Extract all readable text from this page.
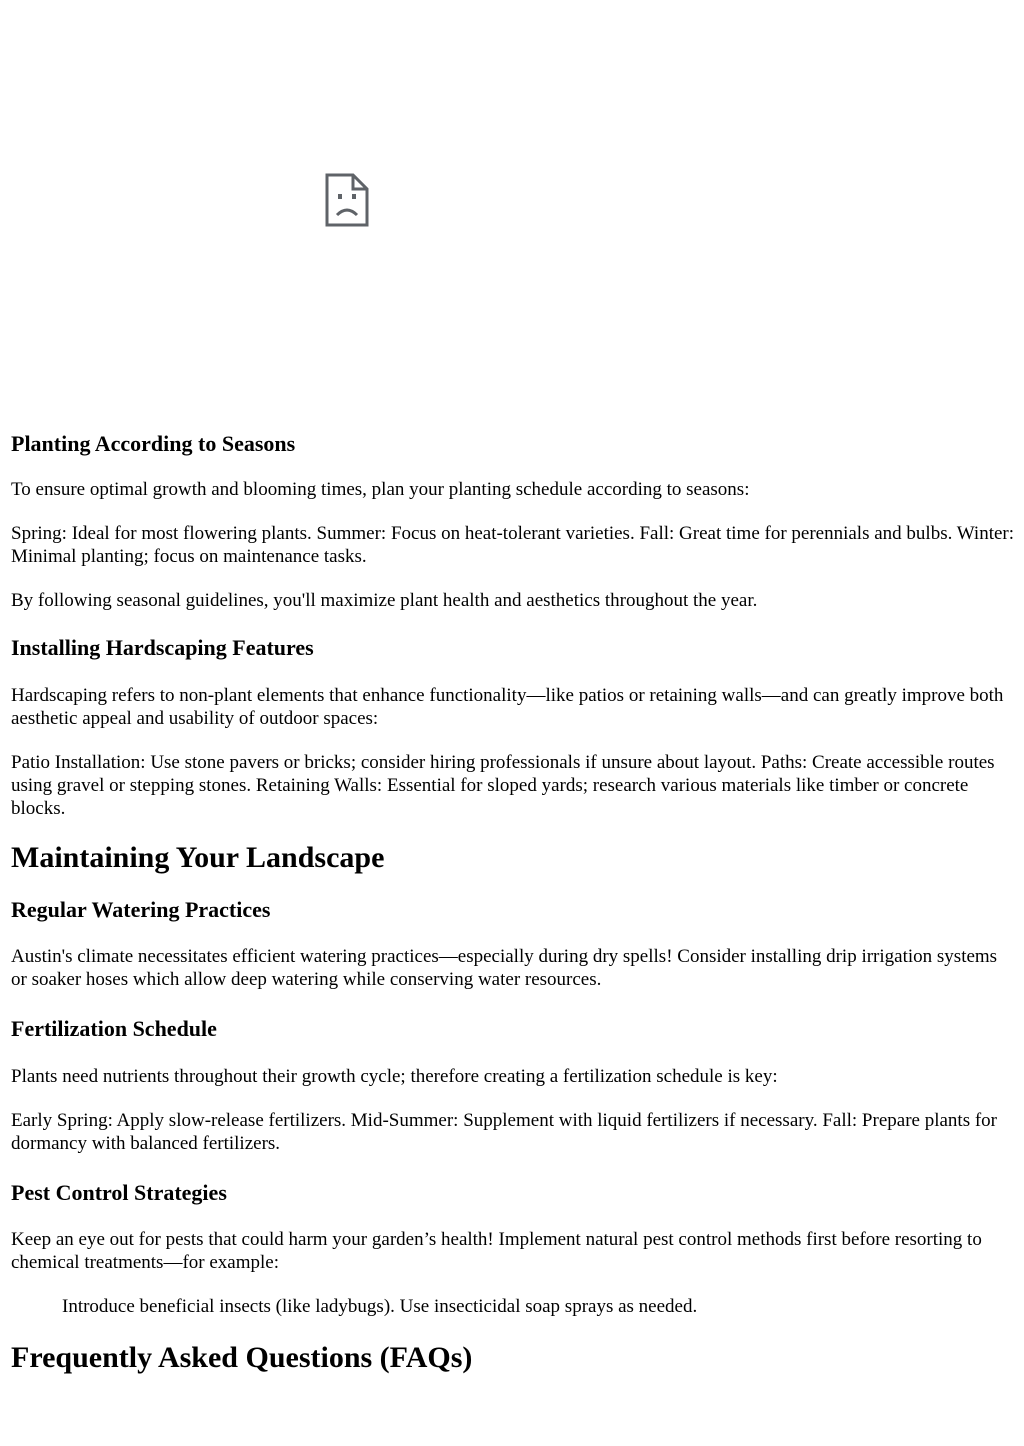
Planting According to Seasons

To ensure optimal growth and blooming times, plan your planting schedule according to seasons:

Spring: Ideal for most flowering plants. Summer: Focus on heat-tolerant varieties. Fall: Great time for perennials and bulbs. Winter: Minimal planting; focus on maintenance tasks.

By following seasonal guidelines, you'll maximize plant health and aesthetics throughout the year.

Installing Hardscaping Features

Hardscaping refers to non-plant elements that enhance functionality—like patios or retaining walls—and can greatly improve both aesthetic appeal and usability of outdoor spaces:

Patio Installation: Use stone pavers or bricks; consider hiring professionals if unsure about layout. Paths: Create accessible routes using gravel or stepping stones. Retaining Walls: Essential for sloped yards; research various materials like timber or concrete blocks.

Maintaining Your Landscape
Regular Watering Practices

Austin's climate necessitates efficient watering practices—especially during dry spells! Consider installing drip irrigation systems or soaker hoses which allow deep watering while conserving water resources.

Fertilization Schedule

Plants need nutrients throughout their growth cycle; therefore creating a fertilization schedule is key:

Early Spring: Apply slow-release fertilizers. Mid-Summer: Supplement with liquid fertilizers if necessary. Fall: Prepare plants for dormancy with balanced fertilizers.

Pest Control Strategies

Keep an eye out for pests that could harm your garden’s health! Implement natural pest control methods first before resorting to chemical treatments—for example:

Introduce beneficial insects (like ladybugs). Use insecticidal soap sprays as needed.

Frequently Asked Questions (FAQs)
